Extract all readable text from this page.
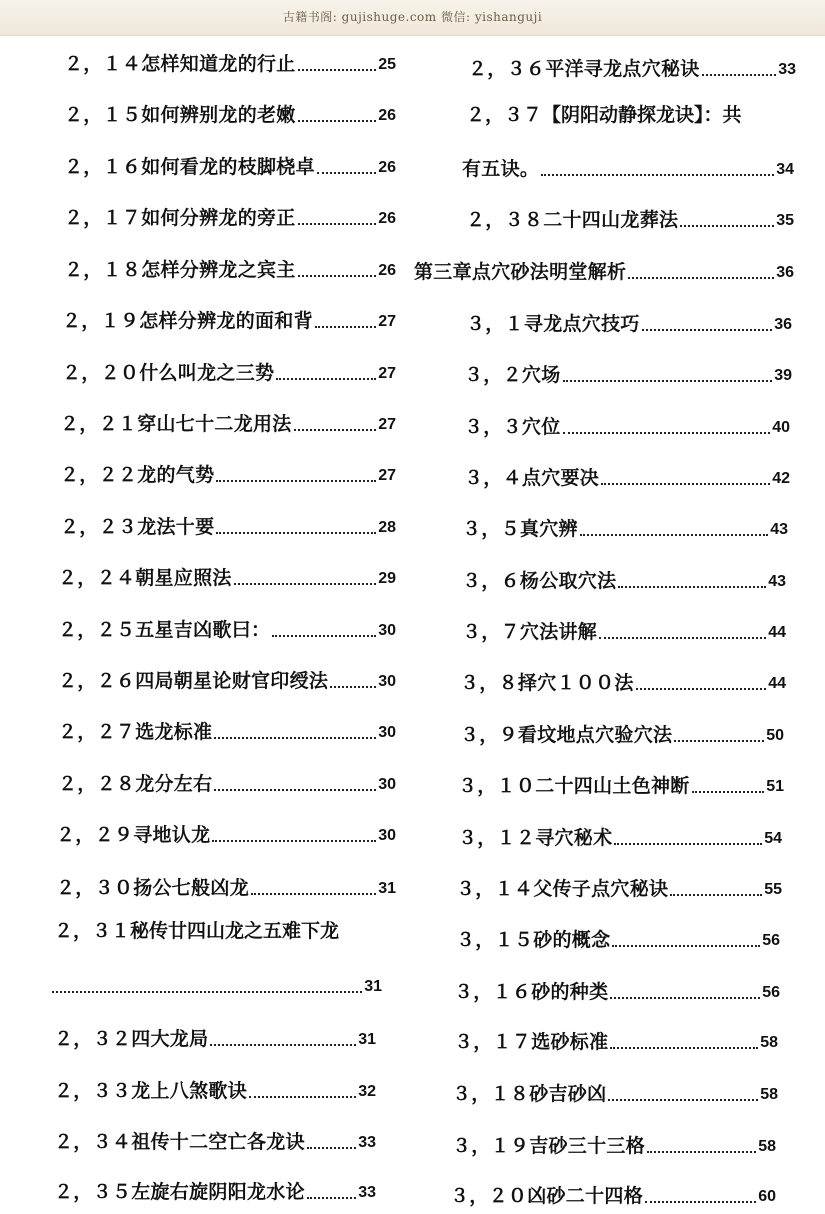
古籍书阁: gujishuge.com 微信: yishanguji
２，１４怎样知道龙的行止	25
２，１５如何辨别龙的老嫩	26
２，１６如何看龙的枝脚桡卓	26
２，１７如何分辨龙的旁正	26
２，１８怎样分辨龙之宾主	26
２，１９怎样分辨龙的面和背	27
２，２０什么叫龙之三势	27
２，２１穿山七十二龙用法	27
２，２２龙的气势	27
２，２３龙法十要	28
２，２４朝星应照法	29
２，２５五星吉凶歌曰：	30
２，２６四局朝星论财官印绶法	30
２，２７选龙标准	30
２，２８龙分左右	30
２，２９寻地认龙	30
２，３０扬公七般凶龙	31
２，３１秘传廿四山龙之五难下龙
31
２，３２四大龙局	31
２，３３龙上八煞歌诀	32
２，３４祖传十二空亡各龙诀	33
２，３５左旋右旋阴阳龙水论	33
２，３６平洋寻龙点穴秘诀	33
２，３７【阴阳动静探龙诀】：共
有五诀。	34
２，３８二十四山龙葬法	35
第三章点穴砂法明堂解析	36
３，１寻龙点穴技巧	36
３，２穴场	39
３，３穴位	40
３，４点穴要决	42
３，５真穴辨	43
３，６杨公取穴法	43
３，７穴法讲解	44
３，８择穴１００法	44
３，９看坟地点穴验穴法	50
３，１０二十四山土色神断	51
３，１２寻穴秘术	54
３，１４父传子点穴秘诀	55
３，１５砂的概念	56
３，１６砂的种类	56
３，１７选砂标准	58
３，１８砂吉砂凶	58
３，１９吉砂三十三格	58
３，２０凶砂二十四格	60
